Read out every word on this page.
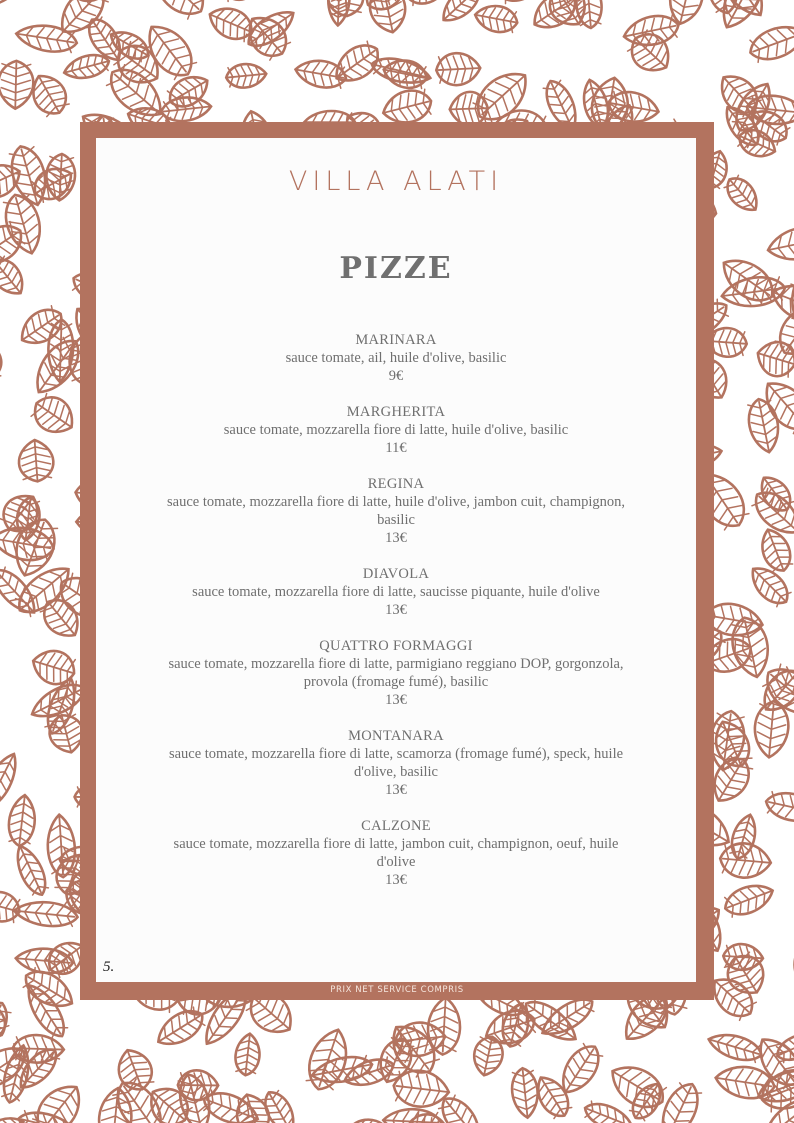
VILLA ALATI
PIZZE
MARINARA
sauce tomate, ail, huile d'olive, basilic
9€
MARGHERITA
sauce tomate, mozzarella fiore di latte, huile d'olive, basilic
11€
REGINA
sauce tomate, mozzarella fiore di latte, huile d'olive, jambon cuit, champignon, basilic
13€
DIAVOLA
sauce tomate, mozzarella fiore di latte, saucisse piquante, huile d'olive
13€
QUATTRO FORMAGGI
sauce tomate, mozzarella fiore di latte, parmigiano reggiano DOP, gorgonzola, provola (fromage fumé), basilic
13€
MONTANARA
sauce tomate, mozzarella fiore di latte, scamorza (fromage fumé), speck, huile d'olive, basilic
13€
CALZONE
sauce tomate, mozzarella fiore di latte, jambon cuit, champignon, oeuf, huile d'olive
13€
5.
PRIX NET SERVICE COMPRIS
